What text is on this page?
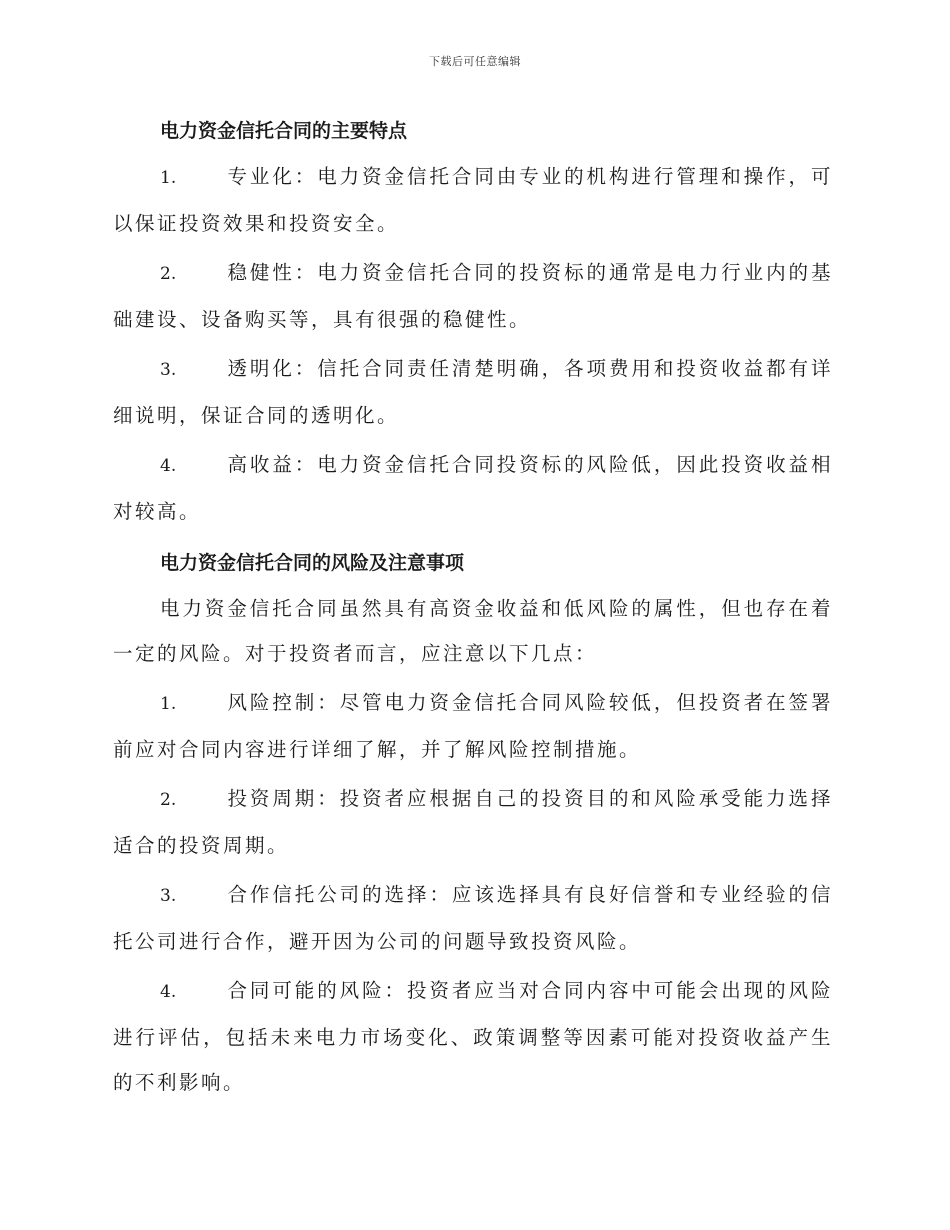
下载后可任意编辑
电力资金信托合同的主要特点

1.	专业化：电力资金信托合同由专业的机构进行管理和操作，可以保证投资效果和投资安全。

2.	稳健性：电力资金信托合同的投资标的通常是电力行业内的基础建设、设备购买等，具有很强的稳健性。

3.	透明化：信托合同责任清楚明确，各项费用和投资收益都有详细说明，保证合同的透明化。

4.	高收益：电力资金信托合同投资标的风险低，因此投资收益相对较高。

电力资金信托合同的风险及注意事项

电力资金信托合同虽然具有高资金收益和低风险的属性，但也存在着一定的风险。对于投资者而言，应注意以下几点：

1.	风险控制：尽管电力资金信托合同风险较低，但投资者在签署前应对合同内容进行详细了解，并了解风险控制措施。

2.	投资周期：投资者应根据自己的投资目的和风险承受能力选择适合的投资周期。

3.	合作信托公司的选择：应该选择具有良好信誉和专业经验的信托公司进行合作，避开因为公司的问题导致投资风险。

4.	合同可能的风险：投资者应当对合同内容中可能会出现的风险进行评估，包括未来电力市场变化、政策调整等因素可能对投资收益产生的不利影响。
